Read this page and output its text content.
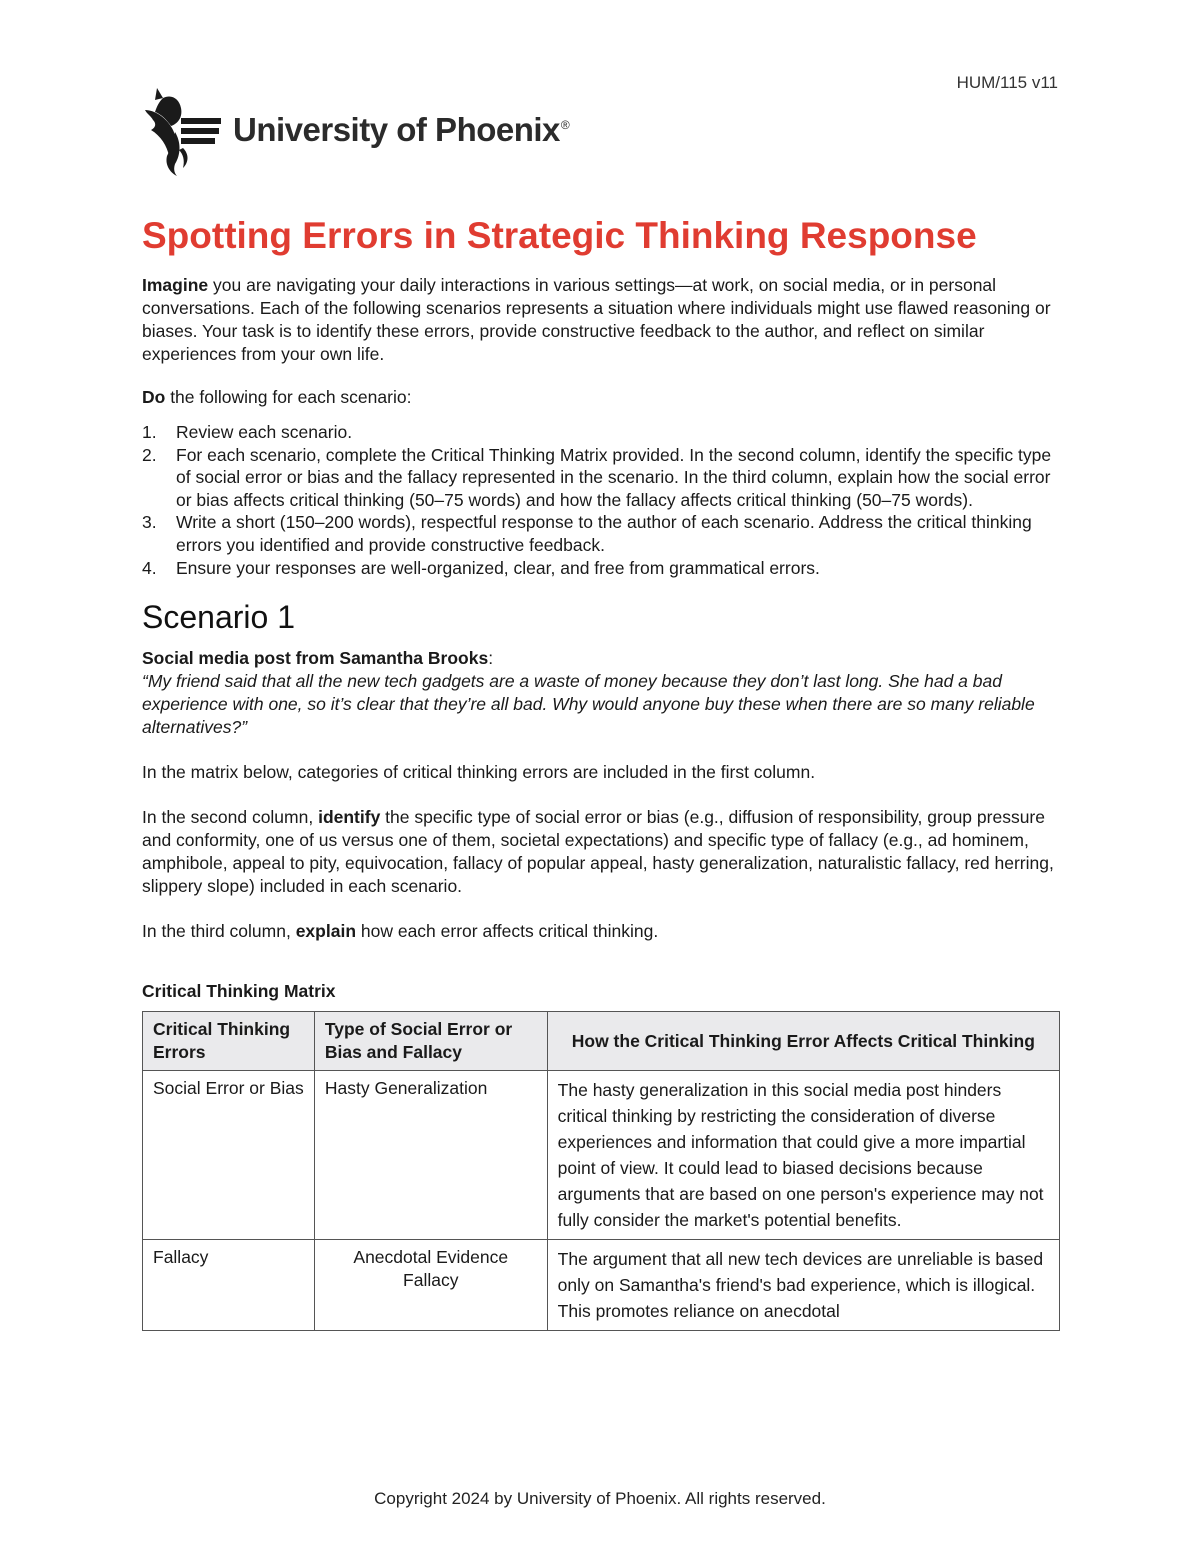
HUM/115 v11
University of Phoenix®
Spotting Errors in Strategic Thinking Response

Imagine you are navigating your daily interactions in various settings—at work, on social media, or in personal conversations. Each of the following scenarios represents a situation where individuals might use flawed reasoning or biases. Your task is to identify these errors, provide constructive feedback to the author, and reflect on similar experiences from your own life.

Do the following for each scenario:

1.	Review each scenario.
2.	For each scenario, complete the Critical Thinking Matrix provided. In the second column, identify the specific type of social error or bias and the fallacy represented in the scenario. In the third column, explain how the social error or bias affects critical thinking (50–75 words) and how the fallacy affects critical thinking (50–75 words).
3.	Write a short (150–200 words), respectful response to the author of each scenario. Address the critical thinking errors you identified and provide constructive feedback.
4.	Ensure your responses are well-organized, clear, and free from grammatical errors.
Scenario 1

Social media post from Samantha Brooks:

“My friend said that all the new tech gadgets are a waste of money because they don’t last long. She had a bad experience with one, so it’s clear that they’re all bad. Why would anyone buy these when there are so many reliable alternatives?”

In the matrix below, categories of critical thinking errors are included in the first column.

In the second column, identify the specific type of social error or bias (e.g., diffusion of responsibility, group pressure and conformity, one of us versus one of them, societal expectations) and specific type of fallacy (e.g., ad hominem, amphibole, appeal to pity, equivocation, fallacy of popular appeal, hasty generalization, naturalistic fallacy, red herring, slippery slope) included in each scenario.

In the third column, explain how each error affects critical thinking.

Critical Thinking Matrix
Critical Thinking Errors	Type of Social Error or Bias and Fallacy	How the Critical Thinking Error Affects Critical Thinking
Social Error or Bias	Hasty Generalization	The hasty generalization in this social media post hinders critical thinking by restricting the consideration of diverse experiences and information that could give a more impartial point of view. It could lead to biased decisions because arguments that are based on one person's experience may not fully consider the market's potential benefits.
Fallacy	Anecdotal Evidence Fallacy	The argument that all new tech devices are unreliable is based only on Samantha's friend's bad experience, which is illogical. This promotes reliance on anecdotal
Copyright 2024 by University of Phoenix. All rights reserved.
